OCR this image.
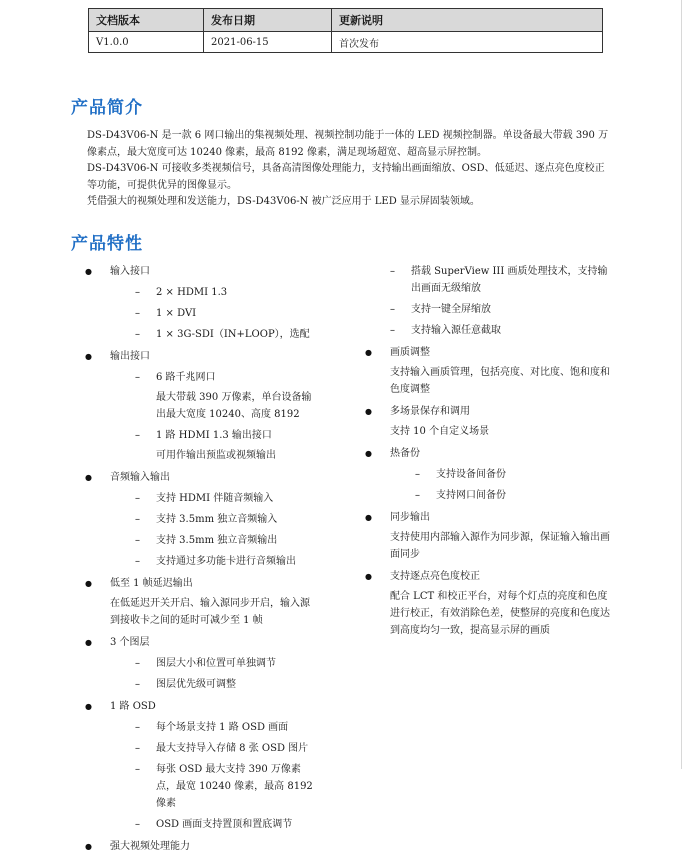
文档版本	发布日期	更新说明
V1.0.0	2021-06-15	首次发布
产品简介

DS-D43V06-N 是一款 6 网口输出的集视频处理、视频控制功能于一体的 LED 视频控制器。单设备最大带载 390 万像素点，最大宽度可达 10240 像素，最高 8192 像素，满足现场超宽、超高显示屏控制。

DS-D43V06-N 可接收多类视频信号，具备高清图像处理能力，支持输出画面缩放、OSD、低延迟、逐点亮色度校正等功能，可提供优异的图像显示。

凭借强大的视频处理和发送能力，DS-D43V06-N 被广泛应用于 LED 显示屏固装领域。

产品特性
● 输入接口
– 2 × HDMI 1.3
– 1 × DVI
– 1 × 3G-SDI（IN+LOOP），选配
● 输出接口
– 6 路千兆网口
最大带载 390 万像素，单台设备输出最大宽度 10240、高度 8192
– 1 路 HDMI 1.3 输出接口
可用作输出预监或视频输出
● 音频输入输出
– 支持 HDMI 伴随音频输入
– 支持 3.5mm 独立音频输入
– 支持 3.5mm 独立音频输出
– 支持通过多功能卡进行音频输出
● 低至 1 帧延迟输出
在低延迟开关开启、输入源同步开启，输入源到接收卡之间的延时可减少至 1 帧
● 3 个图层
– 图层大小和位置可单独调节
– 图层优先级可调整
● 1 路 OSD
– 每个场景支持 1 路 OSD 画面
– 最大支持导入存储 8 张 OSD 图片
– 每张 OSD 最大支持 390 万像素点，最宽 10240 像素，最高 8192 像素
– OSD 画面支持置顶和置底调节
● 强大视频处理能力
– 搭载 SuperView III 画质处理技术，支持输出画面无级缩放
– 支持一键全屏缩放
– 支持输入源任意截取
● 画质调整
支持输入画质管理，包括亮度、对比度、饱和度和色度调整
● 多场景保存和调用
支持 10 个自定义场景
● 热备份
– 支持设备间备份
– 支持网口间备份
● 同步输出
支持使用内部输入源作为同步源，保证输入输出画面同步
● 支持逐点亮色度校正
配合 LCT 和校正平台，对每个灯点的亮度和色度进行校正，有效消除色差，使整屏的亮度和色度达到高度均匀一致，提高显示屏的画质
